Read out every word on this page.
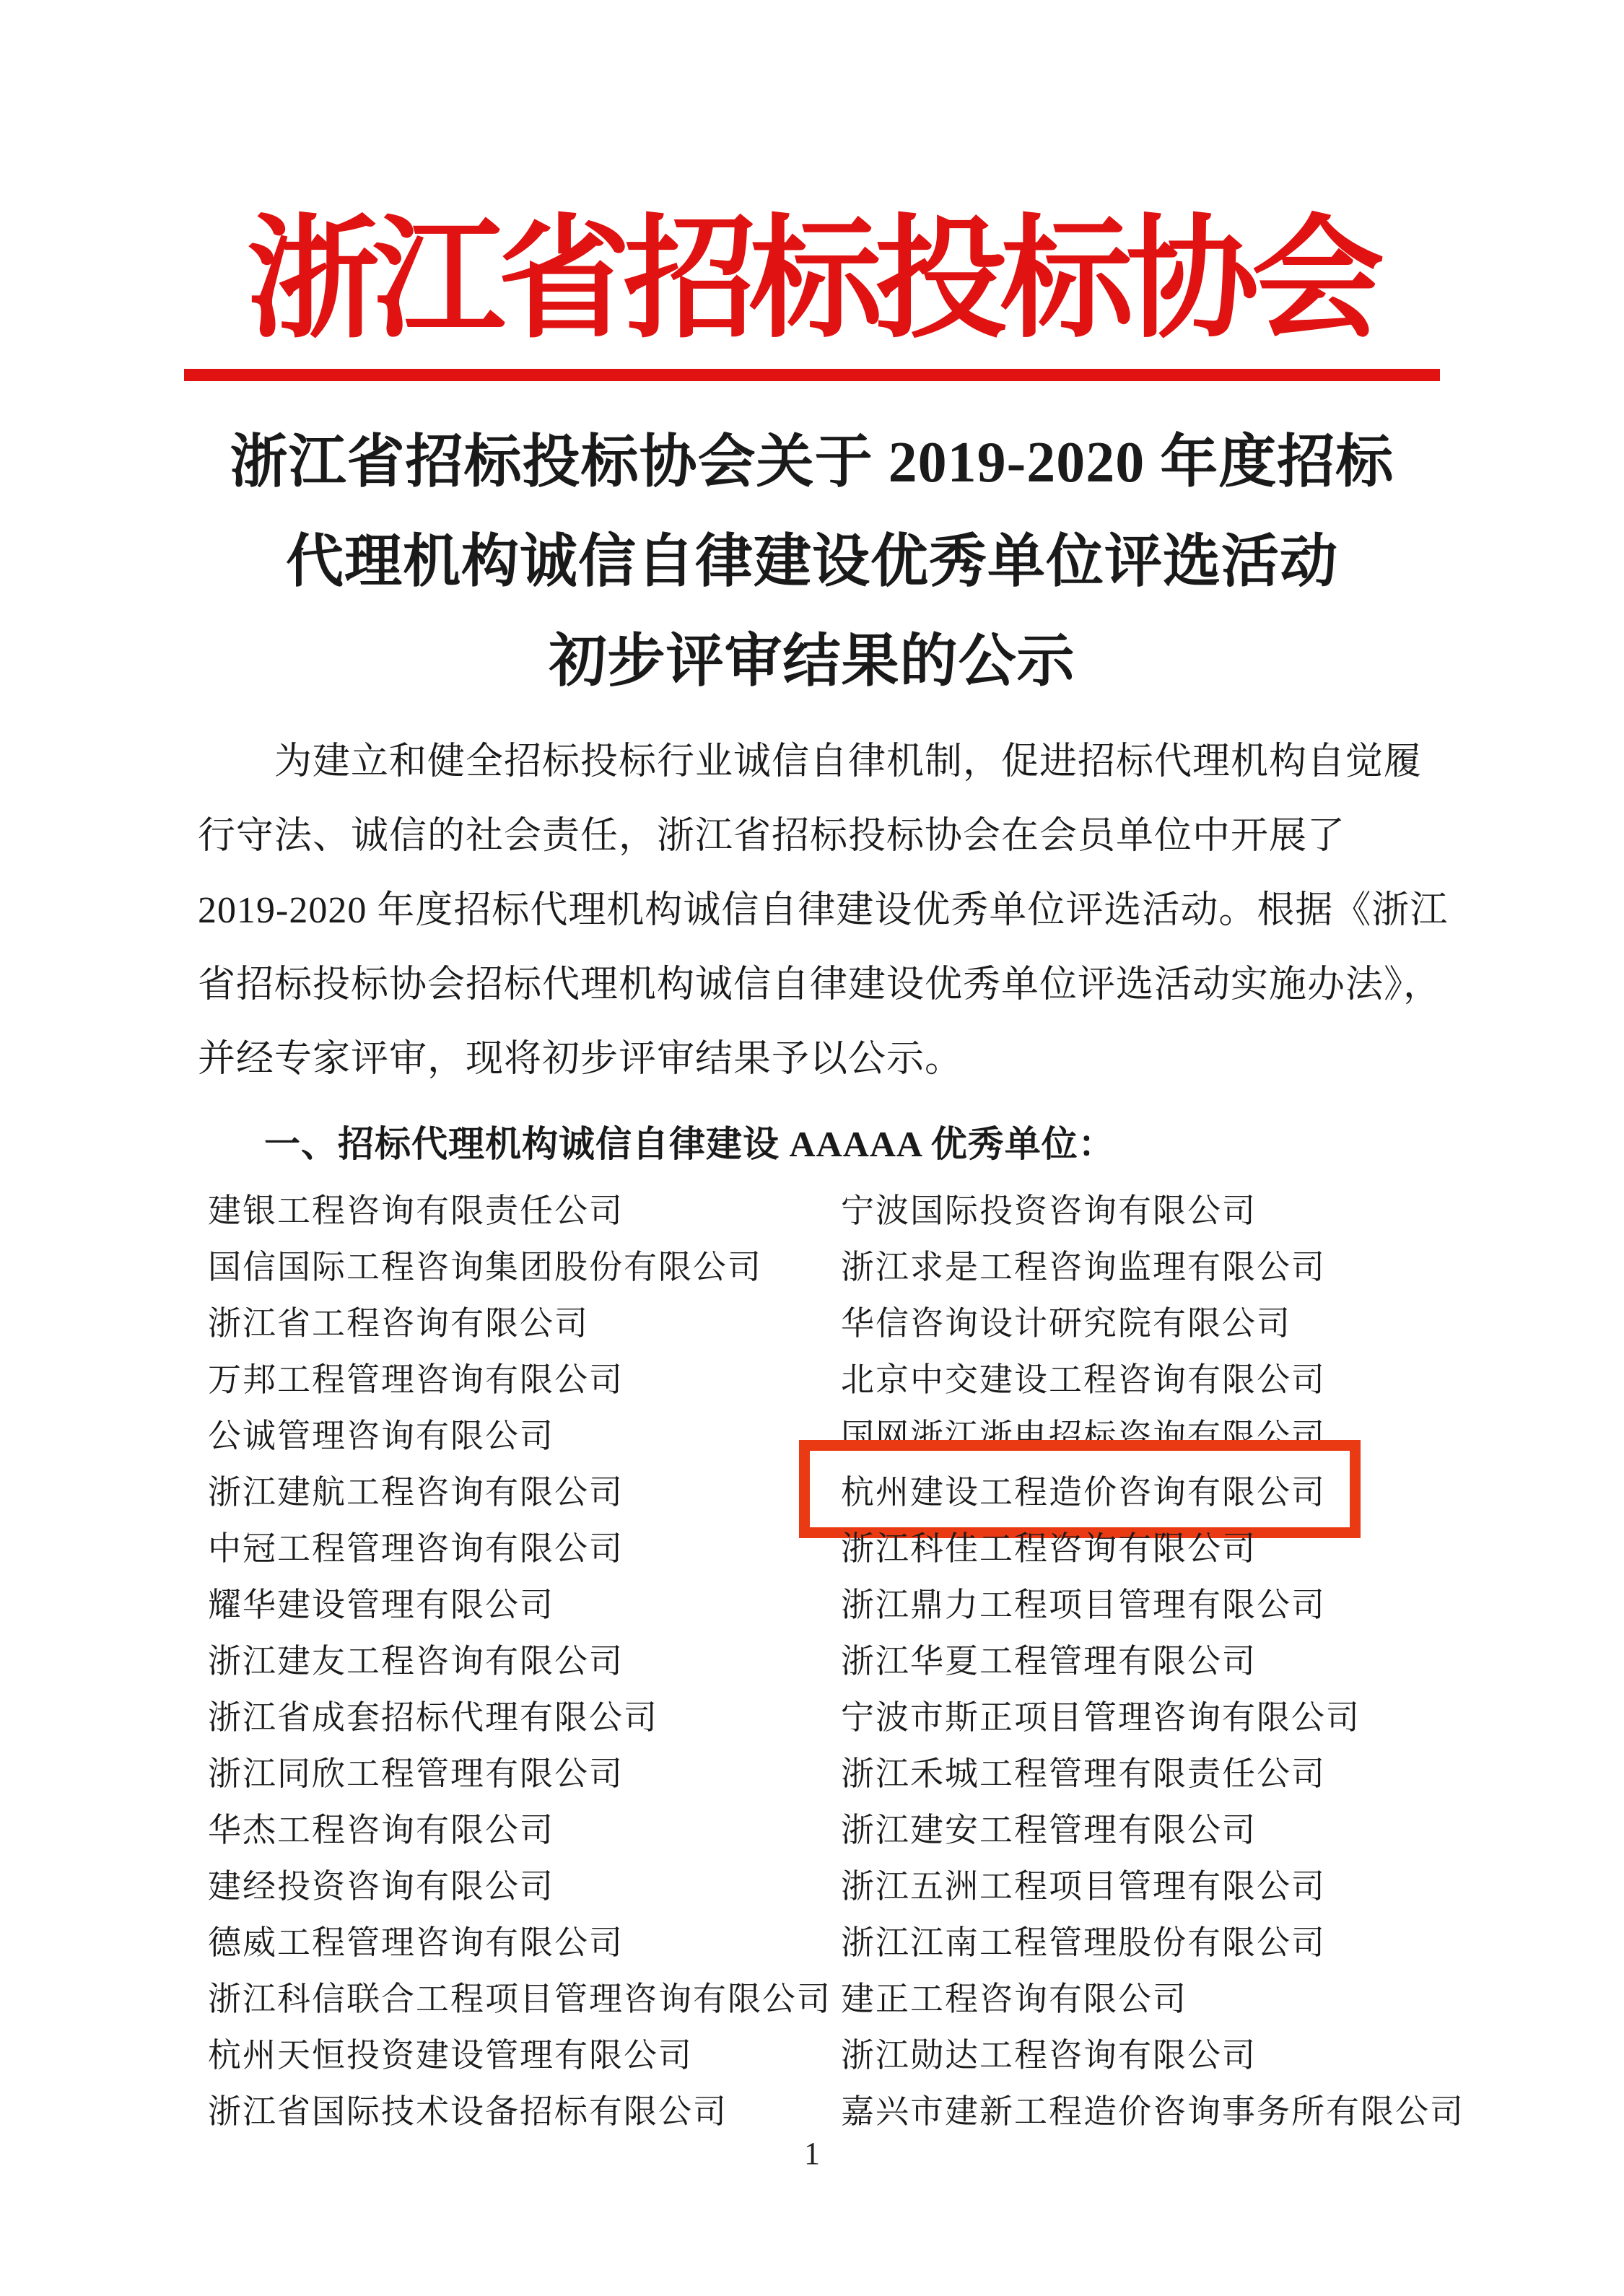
浙江省招标投标协会
浙江省招标投标协会关于 2019-2020 年度招标
代理机构诚信自律建设优秀单位评选活动
初步评审结果的公示
为建立和健全招标投标行业诚信自律机制，促进招标代理机构自觉履
行守法、诚信的社会责任，浙江省招标投标协会在会员单位中开展了
2019-2020 年度招标代理机构诚信自律建设优秀单位评选活动。根据《浙江
省招标投标协会招标代理机构诚信自律建设优秀单位评选活动实施办法》，
并经专家评审，现将初步评审结果予以公示。
一、招标代理机构诚信自律建设 AAAAA 优秀单位：
建银工程咨询有限责任公司	宁波国际投资咨询有限公司
国信国际工程咨询集团股份有限公司	浙江求是工程咨询监理有限公司
浙江省工程咨询有限公司	华信咨询设计研究院有限公司
万邦工程管理咨询有限公司	北京中交建设工程咨询有限公司
公诚管理咨询有限公司	国网浙江浙电招标咨询有限公司
浙江建航工程咨询有限公司	杭州建设工程造价咨询有限公司
中冠工程管理咨询有限公司	浙江科佳工程咨询有限公司
耀华建设管理有限公司	浙江鼎力工程项目管理有限公司
浙江建友工程咨询有限公司	浙江华夏工程管理有限公司
浙江省成套招标代理有限公司	宁波市斯正项目管理咨询有限公司
浙江同欣工程管理有限公司	浙江禾城工程管理有限责任公司
华杰工程咨询有限公司	浙江建安工程管理有限公司
建经投资咨询有限公司	浙江五洲工程项目管理有限公司
德威工程管理咨询有限公司	浙江江南工程管理股份有限公司
浙江科信联合工程项目管理咨询有限公司 建正工程咨询有限公司
杭州天恒投资建设管理有限公司	浙江勋达工程咨询有限公司
浙江省国际技术设备招标有限公司	嘉兴市建新工程造价咨询事务所有限公司
1
